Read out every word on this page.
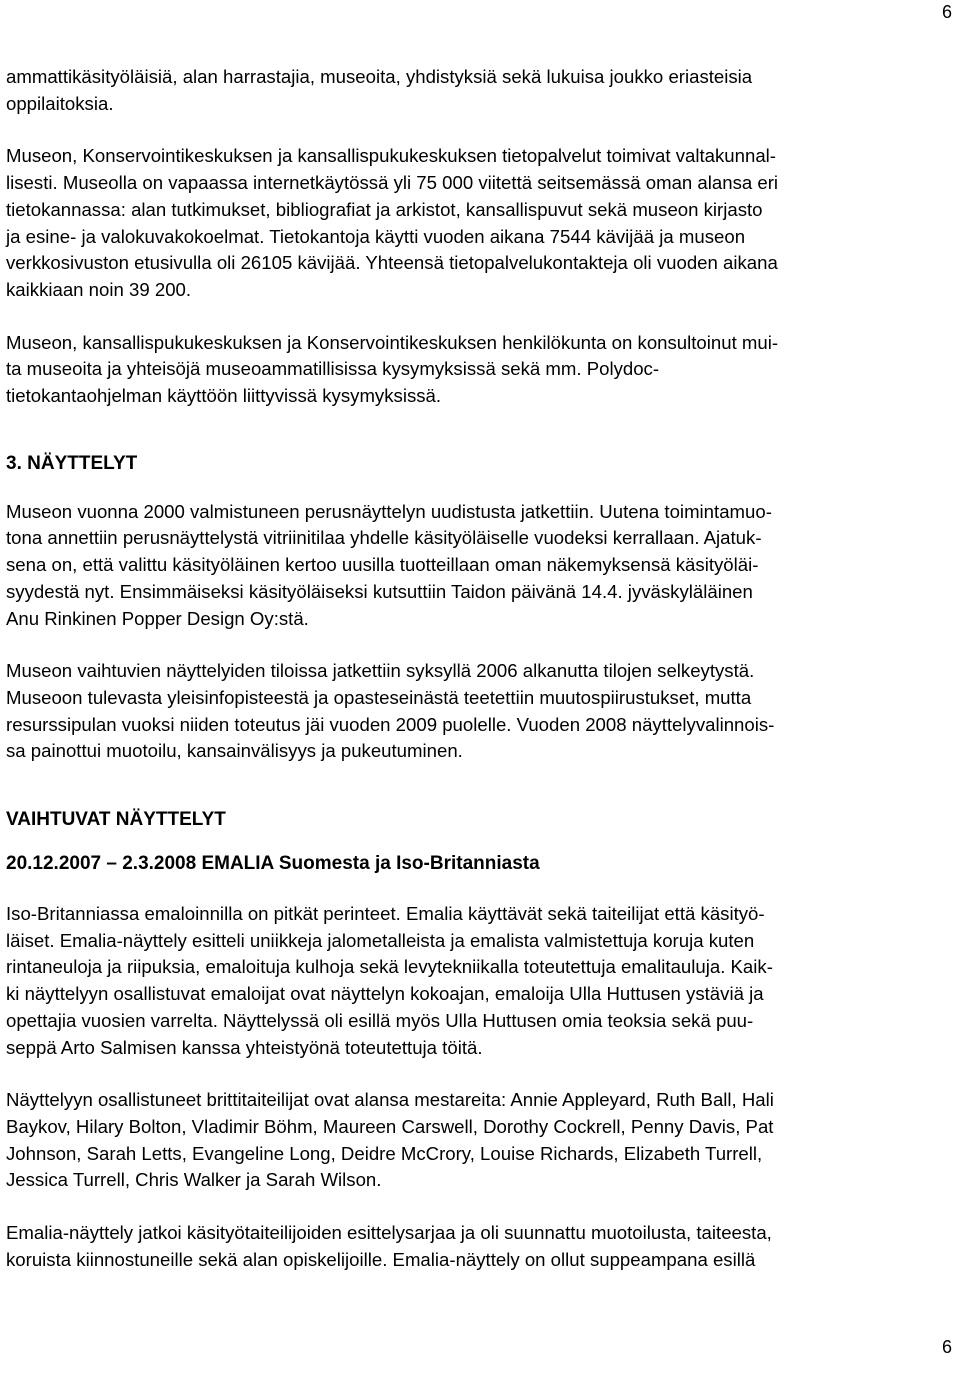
6
ammattikäsityöläisiä, alan harrastajia, museoita, yhdistyksiä sekä lukuisa joukko eriasteisia
oppilaitoksia.
Museon, Konservointikeskuksen ja kansallispukukeskuksen tietopalvelut toimivat valtakunnal-
lisesti. Museolla on vapaassa internetkäytössä yli 75 000 viitettä seitsemässä oman alansa eri
tietokannassa: alan tutkimukset, bibliografiat ja arkistot, kansallispuvut sekä museon kirjasto
ja esine- ja valokuvakokoelmat. Tietokantoja käytti vuoden aikana 7544 kävijää ja museon
verkkosivuston etusivulla oli 26105 kävijää. Yhteensä tietopalvelukontakteja oli vuoden aikana
kaikkiaan noin 39 200.
Museon, kansallispukukeskuksen ja Konservointikeskuksen henkilökunta on konsultoinut mui-
ta museoita ja yhteisöjä museoammatillisissa kysymyksissä sekä mm. Polydoc-
tietokantaohjelman käyttöön liittyvissä kysymyksissä.
3. NÄYTTELYT
Museon vuonna 2000 valmistuneen perusnäyttelyn uudistusta jatkettiin. Uutena toimintamuo-
tona annettiin perusnäyttelystä vitriinitilaa yhdelle käsityöläiselle vuodeksi kerrallaan. Ajatuk-
sena on, että valittu käsityöläinen kertoo uusilla tuotteillaan oman näkemyksensä käsityöläi-
syydestä nyt. Ensimmäiseksi käsityöläiseksi kutsuttiin Taidon päivänä 14.4. jyväskyläläinen
Anu Rinkinen Popper Design Oy:stä.
Museon vaihtuvien näyttelyiden tiloissa jatkettiin syksyllä 2006 alkanutta tilojen selkeytystä.
Museoon tulevasta yleisinfopisteestä ja opasteseinästä teetettiin muutospiirustukset, mutta
resurssipulan vuoksi niiden toteutus jäi vuoden 2009 puolelle. Vuoden 2008 näyttelyvalinnois-
sa painottui muotoilu, kansainvälisyys ja pukeutuminen.
VAIHTUVAT NÄYTTELYT
20.12.2007 – 2.3.2008 EMALIA Suomesta ja Iso-Britanniasta
Iso-Britanniassa emaloinnilla on pitkät perinteet. Emalia käyttävät sekä taiteilijat että käsityö-
läiset. Emalia-näyttely esitteli uniikkeja jalometalleista ja emalista valmistettuja koruja kuten
rintaneuloja ja riipuksia, emaloituja kulhoja sekä levytekniikalla toteutettuja emalitauluja. Kaik-
ki näyttelyyn osallistuvat emaloijat ovat näyttelyn kokoajan, emaloija Ulla Huttusen ystäviä ja
opettajia vuosien varrelta. Näyttelyssä oli esillä myös Ulla Huttusen omia teoksia sekä puu-
seppä Arto Salmisen kanssa yhteistyönä toteutettuja töitä.
Näyttelyyn osallistuneet brittitaiteilijat ovat alansa mestareita: Annie Appleyard, Ruth Ball, Hali
Baykov, Hilary Bolton, Vladimir Böhm, Maureen Carswell, Dorothy Cockrell, Penny Davis, Pat
Johnson, Sarah Letts, Evangeline Long, Deidre McCrory, Louise Richards, Elizabeth Turrell,
Jessica Turrell, Chris Walker ja Sarah Wilson.
Emalia-näyttely jatkoi käsityötaiteilijoiden esittelysarjaa ja oli suunnattu muotoilusta, taiteesta,
koruista kiinnostuneille sekä alan opiskelijoille. Emalia-näyttely on ollut suppeampana esillä
6
